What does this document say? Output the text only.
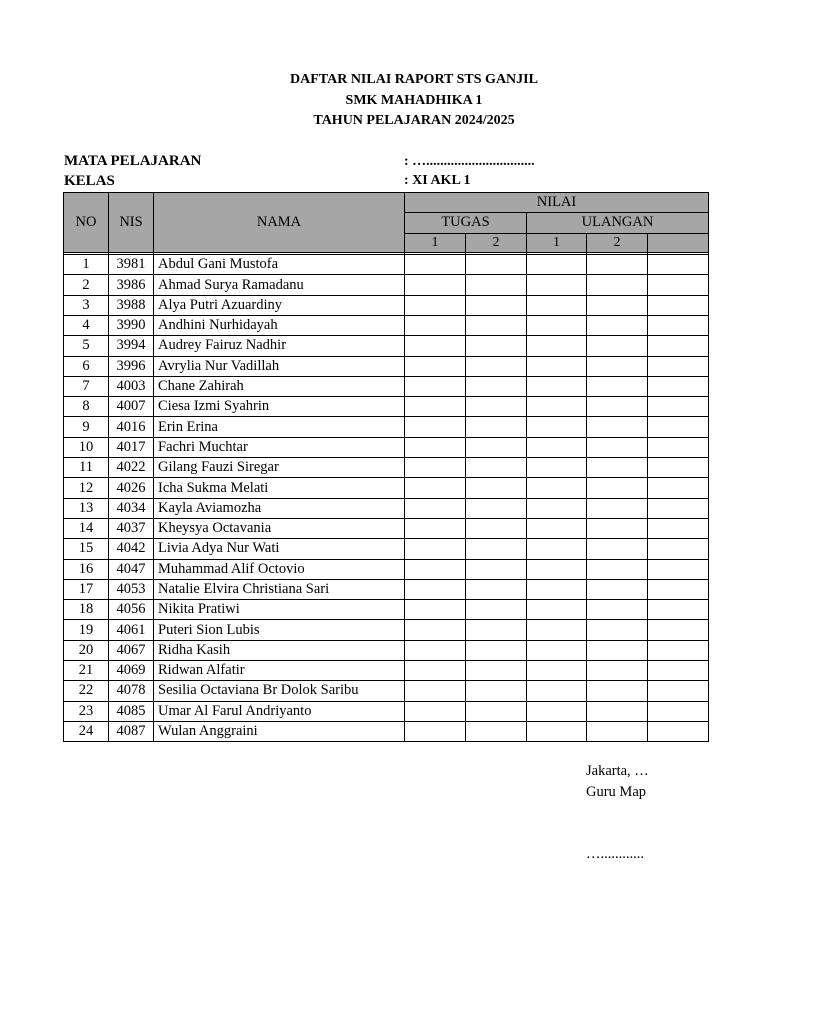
DAFTAR NILAI RAPORT STS GANJIL
SMK MAHADHIKA 1
TAHUN PELAJARAN 2024/2025
MATA PELAJARAN	: …...............................
KELAS	: XI AKL 1
NO	NIS	NAMA	NILAI				
			TUGAS		ULANGAN		
			1	2	1	2	

1	3981	Abdul Gani Mustofa					
2	3986	Ahmad Surya Ramadanu					
3	3988	Alya Putri Azuardiny					
4	3990	Andhini Nurhidayah					
5	3994	Audrey Fairuz Nadhir					
6	3996	Avrylia Nur Vadillah					
7	4003	Chane Zahirah					
8	4007	Ciesa Izmi Syahrin					
9	4016	Erin Erina					
10	4017	Fachri Muchtar					
11	4022	Gilang Fauzi Siregar					
12	4026	Icha Sukma Melati					
13	4034	Kayla Aviamozha					
14	4037	Kheysya Octavania					
15	4042	Livia Adya Nur Wati					
16	4047	Muhammad Alif Octovio					
17	4053	Natalie Elvira Christiana Sari					
18	4056	Nikita Pratiwi					
19	4061	Puteri Sion Lubis					
20	4067	Ridha Kasih					
21	4069	Ridwan Alfatir					
22	4078	Sesilia Octaviana Br Dolok Saribu					
23	4085	Umar Al Farul Andriyanto					
24	4087	Wulan Anggraini					
Jakarta, …
Guru Map
…............
